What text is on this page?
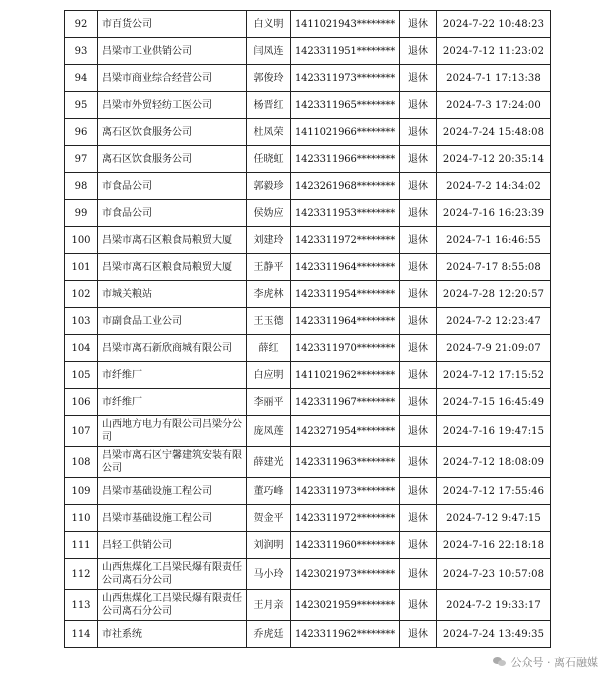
92	市百货公司	白义明	1411021943********	退休	2024-7-22 10:48:23
93	吕梁市工业供销公司	闫凤连	1423311951********	退休	2024-7-12 11:23:02
94	吕梁市商业综合经营公司	郭俊玲	1423311973********	退休	2024-7-1 17:13:38
95	吕梁市外贸轻纺工医公司	杨晋红	1423311965********	退休	2024-7-3 17:24:00
96	离石区饮食服务公司	杜凤荣	1411021966********	退休	2024-7-24 15:48:08
97	离石区饮食服务公司	任晓虹	1423311966********	退休	2024-7-12 20:35:14
98	市食品公司	郭毅珍	1423261968********	退休	2024-7-2 14:34:02
99	市食品公司	侯妫应	1423311953********	退休	2024-7-16 16:23:39
100	吕梁市离石区粮食局粮贸大厦	刘建玲	1423311972********	退休	2024-7-1 16:46:55
101	吕梁市离石区粮食局粮贸大厦	王静平	1423311964********	退休	2024-7-17 8:55:08
102	市城关粮站	李虎林	1423311954********	退休	2024-7-28 12:20:57
103	市副食品工业公司	王玉德	1423311964********	退休	2024-7-2 12:23:47
104	吕梁市离石新欣商城有限公司	薛红	1423311970********	退休	2024-7-9 21:09:07
105	市纤维厂	白应明	1411021962********	退休	2024-7-12 17:15:52
106	市纤维厂	李丽平	1423311967********	退休	2024-7-15 16:45:49
107	山西地方电力有限公司吕梁分公司	庞凤莲	1423271954********	退休	2024-7-16 19:47:15
108	吕梁市离石区宁馨建筑安装有限公司	薛建光	1423311963********	退休	2024-7-12 18:08:09
109	吕梁市基础设施工程公司	董巧峰	1423311973********	退休	2024-7-12 17:55:46
110	吕梁市基础设施工程公司	贺金平	1423311972********	退休	2024-7-12 9:47:15
111	吕轻工供销公司	刘润明	1423311960********	退休	2024-7-16 22:18:18
112	山西焦煤化工吕梁民爆有限责任公司离石分公司	马小玲	1423021973********	退休	2024-7-23 10:57:08
113	山西焦煤化工吕梁民爆有限责任公司离石分公司	王月亲	1423021959********	退休	2024-7-2 19:33:17
114	市社系统	乔虎廷	1423311962********	退休	2024-7-24 13:49:35
公众号 · 离石融媒
